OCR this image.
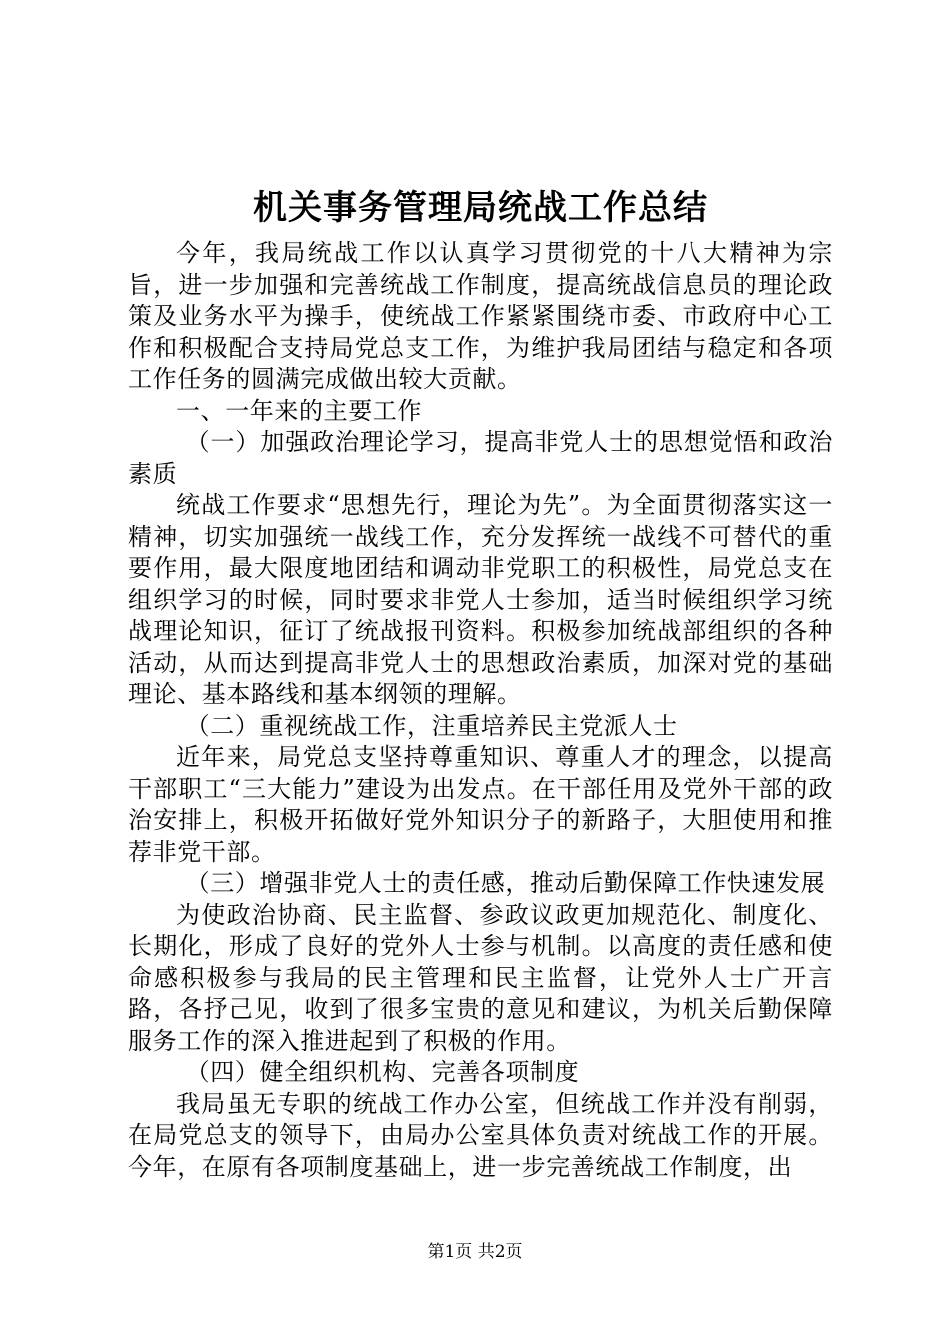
机关事务管理局统战工作总结

今年，我局统战工作以认真学习贯彻党的十八大精神为宗旨，进一步加强和完善统战工作制度，提高统战信息员的理论政策及业务水平为操手，使统战工作紧紧围绕市委、市政府中心工作和积极配合支持局党总支工作，为维护我局团结与稳定和各项工作任务的圆满完成做出较大贡献。

一、一年来的主要工作

（一）加强政治理论学习，提高非党人士的思想觉悟和政治素质

统战工作要求“思想先行，理论为先”。为全面贯彻落实这一精神，切实加强统一战线工作，充分发挥统一战线不可替代的重要作用，最大限度地团结和调动非党职工的积极性，局党总支在组织学习的时候，同时要求非党人士参加，适当时候组织学习统战理论知识，征订了统战报刊资料。积极参加统战部组织的各种活动，从而达到提高非党人士的思想政治素质，加深对党的基础理论、基本路线和基本纲领的理解。

（二）重视统战工作，注重培养民主党派人士

近年来，局党总支坚持尊重知识、尊重人才的理念，以提高干部职工“三大能力”建设为出发点。在干部任用及党外干部的政治安排上，积极开拓做好党外知识分子的新路子，大胆使用和推荐非党干部。

（三）增强非党人士的责任感，推动后勤保障工作快速发展

为使政治协商、民主监督、参政议政更加规范化、制度化、长期化，形成了良好的党外人士参与机制。以高度的责任感和使命感积极参与我局的民主管理和民主监督，让党外人士广开言路，各抒己见，收到了很多宝贵的意见和建议，为机关后勤保障服务工作的深入推进起到了积极的作用。

（四）健全组织机构、完善各项制度

我局虽无专职的统战工作办公室，但统战工作并没有削弱，在局党总支的领导下，由局办公室具体负责对统战工作的开展。今年，在原有各项制度基础上，进一步完善统战工作制度，出

第1页 共2页
